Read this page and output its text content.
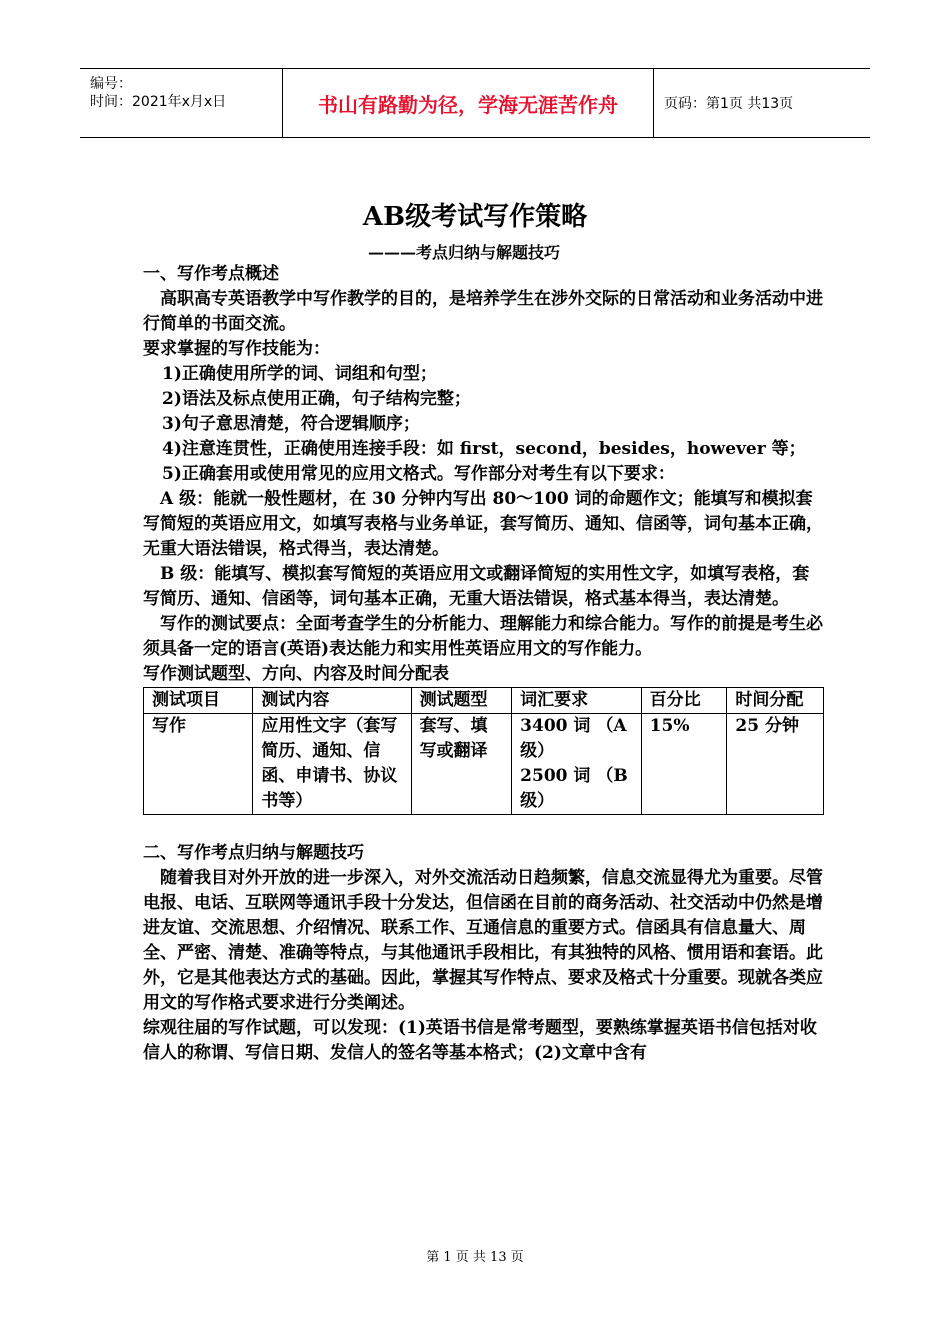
编号：
时间：2021年x月x日	书山有路勤为径，学海无涯苦作舟	页码：第1页 共13页
AB级考试写作策略
———考点归纳与解题技巧

一、写作考点概述

高职高专英语教学中写作教学的目的，是培养学生在涉外交际的日常活动和业务活动中进行简单的书面交流。

要求掌握的写作技能为：

1)正确使用所学的词、词组和句型；

2)语法及标点使用正确，句子结构完整；

3)句子意思清楚，符合逻辑顺序；

4)注意连贯性，正确使用连接手段：如 first，second，besides，however 等；

5)正确套用或使用常见的应用文格式。写作部分对考生有以下要求：

A 级：能就一般性题材，在 30 分钟内写出 80～100 词的命题作文；能填写和模拟套写简短的英语应用文，如填写表格与业务单证，套写简历、通知、信函等，词句基本正确，无重大语法错误，格式得当，表达清楚。

B 级：能填写、模拟套写简短的英语应用文或翻译简短的实用性文字，如填写表格，套写简历、通知、信函等，词句基本正确，无重大语法错误，格式基本得当，表达清楚。

写作的测试要点：全面考查学生的分析能力、理解能力和综合能力。写作的前提是考生必须具备一定的语言(英语)表达能力和实用性英语应用文的写作能力。

写作测试题型、方向、内容及时间分配表

测试项目	测试内容	测试题型	词汇要求	百分比	时间分配
写作	应用性文字（套写简历、通知、信函、申请书、协议书等）	套写、填写或翻译	3400 词 （A 级）
2500 词 （B 级）	15%	25 分钟

二、写作考点归纳与解题技巧

随着我目对外开放的进一步深入，对外交流活动日趋频繁，信息交流显得尤为重要。尽管电报、电话、互联网等通讯手段十分发达，但信函在目前的商务活动、社交活动中仍然是增进友谊、交流思想、介绍情况、联系工作、互通信息的重要方式。信函具有信息量大、周全、严密、清楚、准确等特点，与其他通讯手段相比，有其独特的风格、惯用语和套语。此外，它是其他表达方式的基础。因此，掌握其写作特点、要求及格式十分重要。现就各类应用文的写作格式要求进行分类阐述。

综观往届的写作试题，可以发现：(1)英语书信是常考题型，要熟练掌握英语书信包括对收信人的称谓、写信日期、发信人的签名等基本格式；(2)文章中含有

第 1 页 共 13 页
